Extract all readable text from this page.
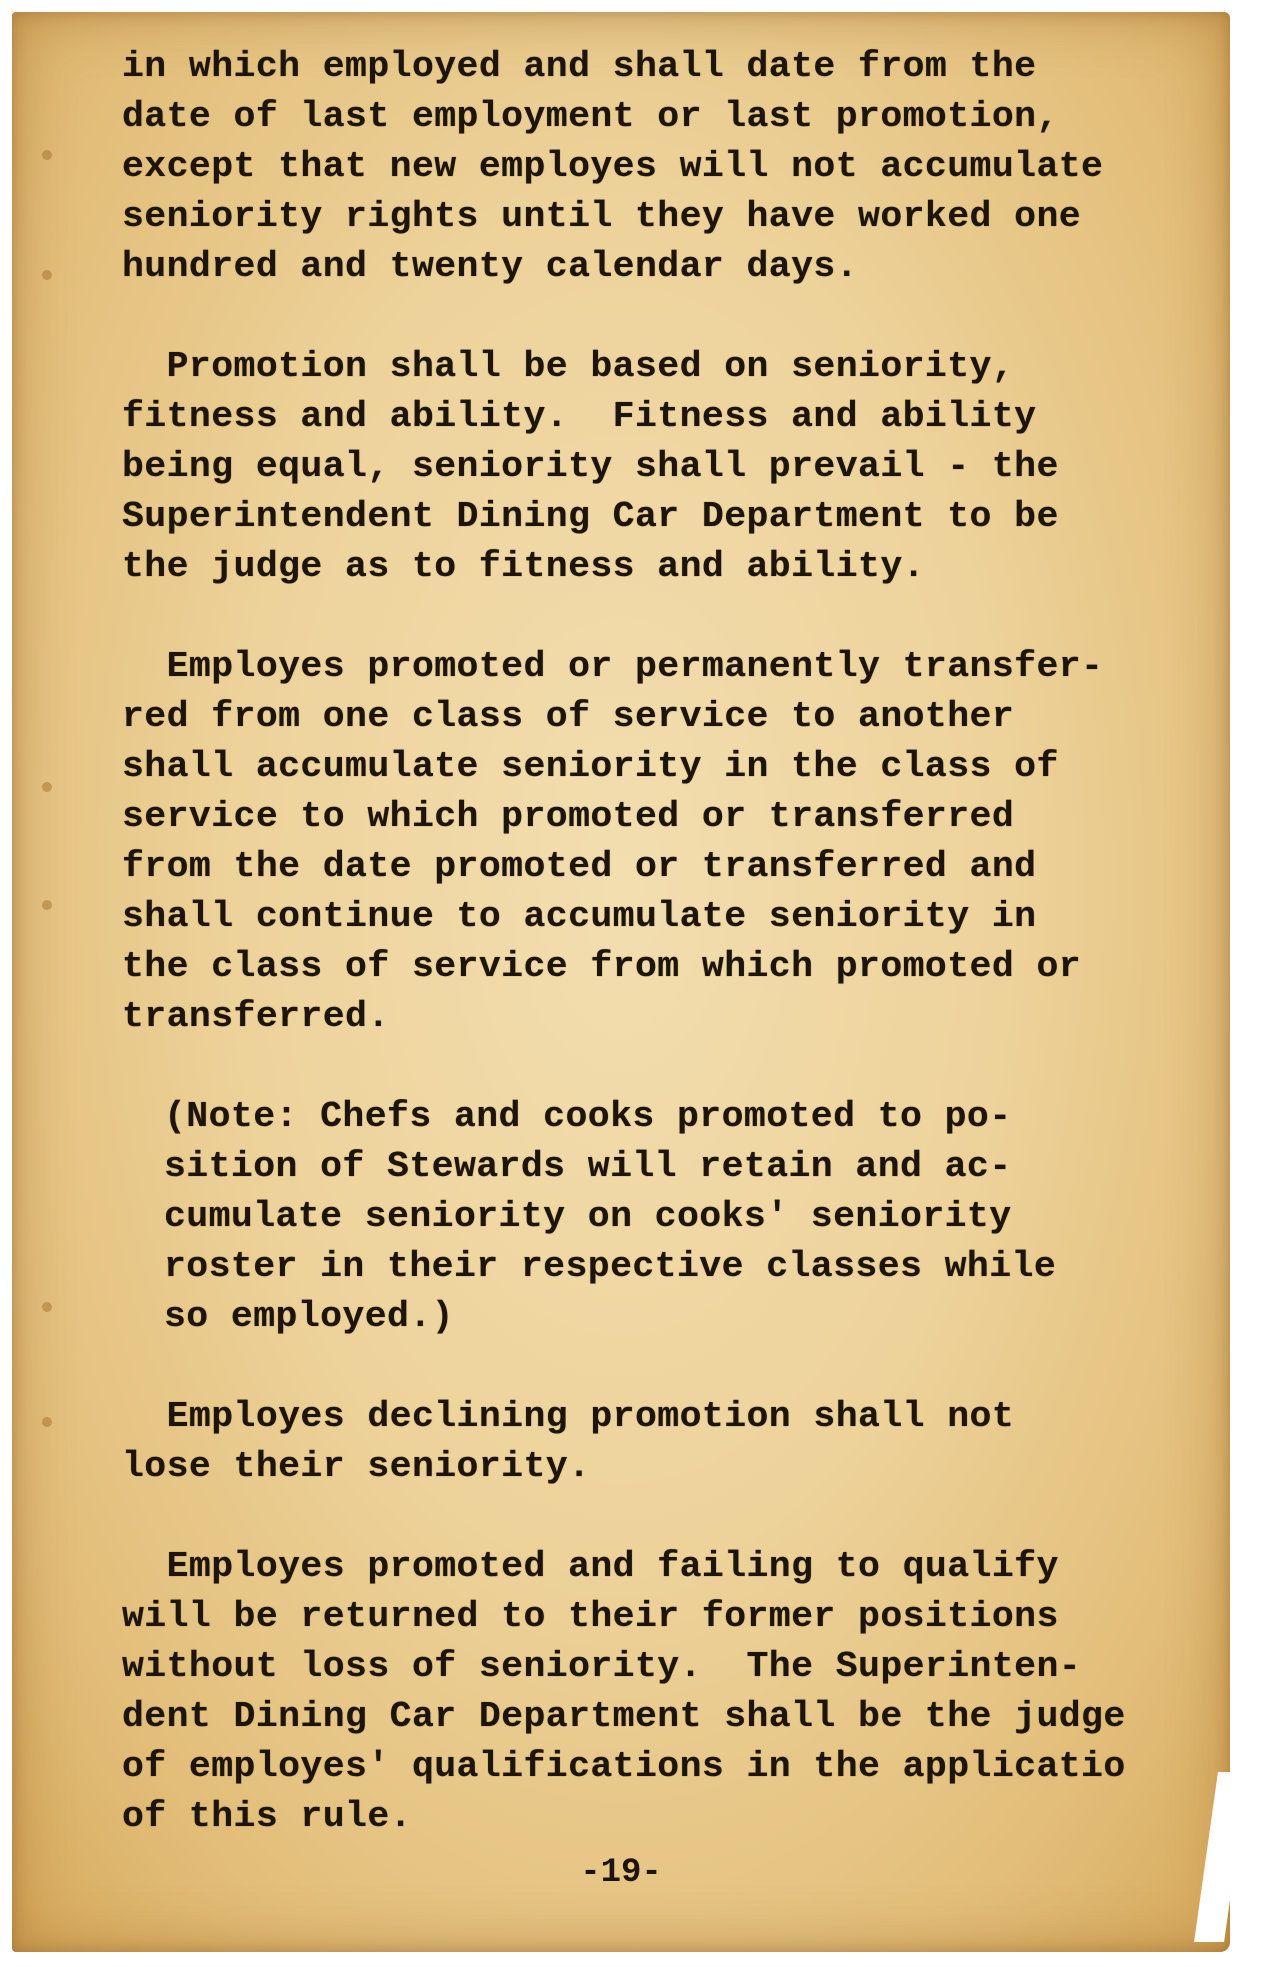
in which employed and shall date from the
date of last employment or last promotion,
except that new employes will not accumulate
seniority rights until they have worked one
hundred and twenty calendar days.
Promotion shall be based on seniority,
fitness and ability.  Fitness and ability
being equal, seniority shall prevail - the
Superintendent Dining Car Department to be
the judge as to fitness and ability.
Employes promoted or permanently transfer-
red from one class of service to another
shall accumulate seniority in the class of
service to which promoted or transferred
from the date promoted or transferred and
shall continue to accumulate seniority in
the class of service from which promoted or
transferred.
(Note: Chefs and cooks promoted to po-
sition of Stewards will retain and ac-
cumulate seniority on cooks' seniority
roster in their respective classes while
so employed.)
Employes declining promotion shall not
lose their seniority.
Employes promoted and failing to qualify
will be returned to their former positions
without loss of seniority.  The Superinten-
dent Dining Car Department shall be the judge
of employes' qualifications in the applicatio
of this rule.
-19-
